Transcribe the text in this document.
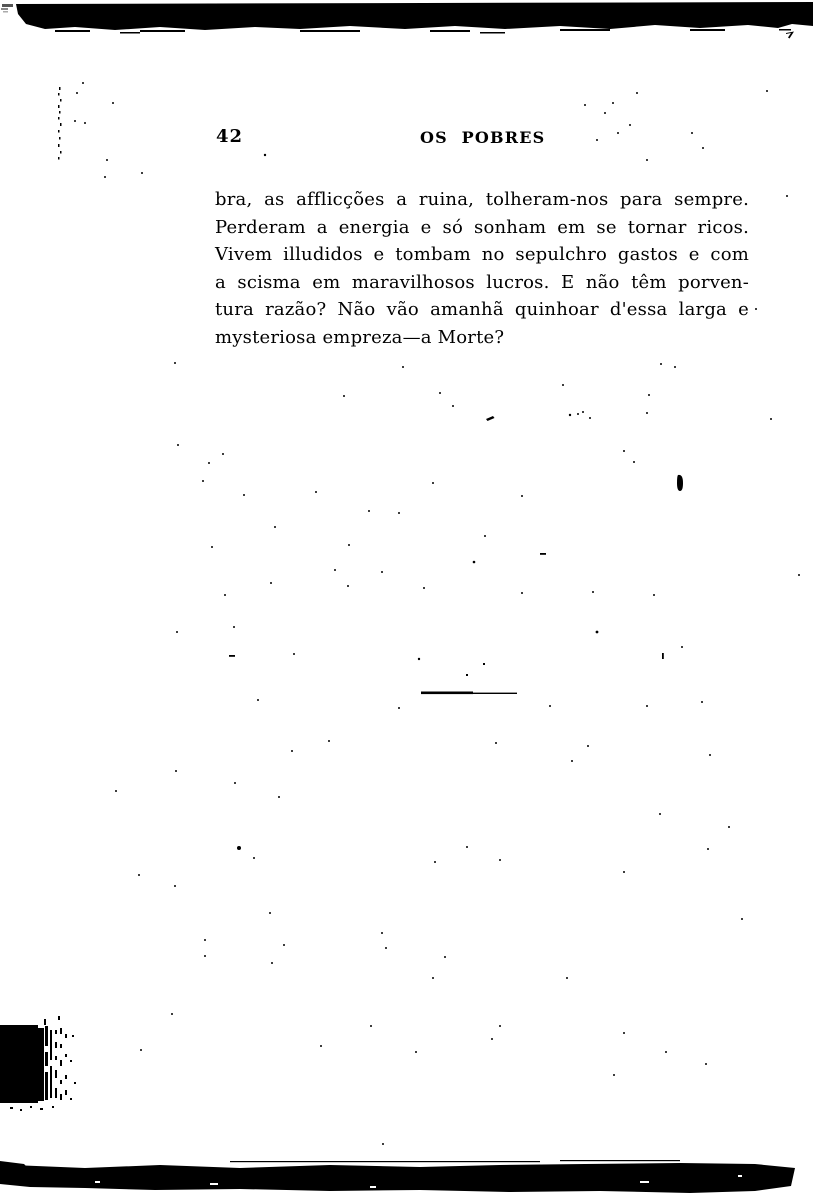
42	OS POBRES
bra, as afflicções a ruina, tolheram-nos para sempre.
Perderam a energia e só sonham em se tornar ricos.
Vivem illudidos e tombam no sepulchro gastos e com
a scisma em maravilhosos lucros. E não têm porven-
tura razão? Não vão amanhã quinhoar d'essa larga e
mysteriosa empreza—a Morte?
